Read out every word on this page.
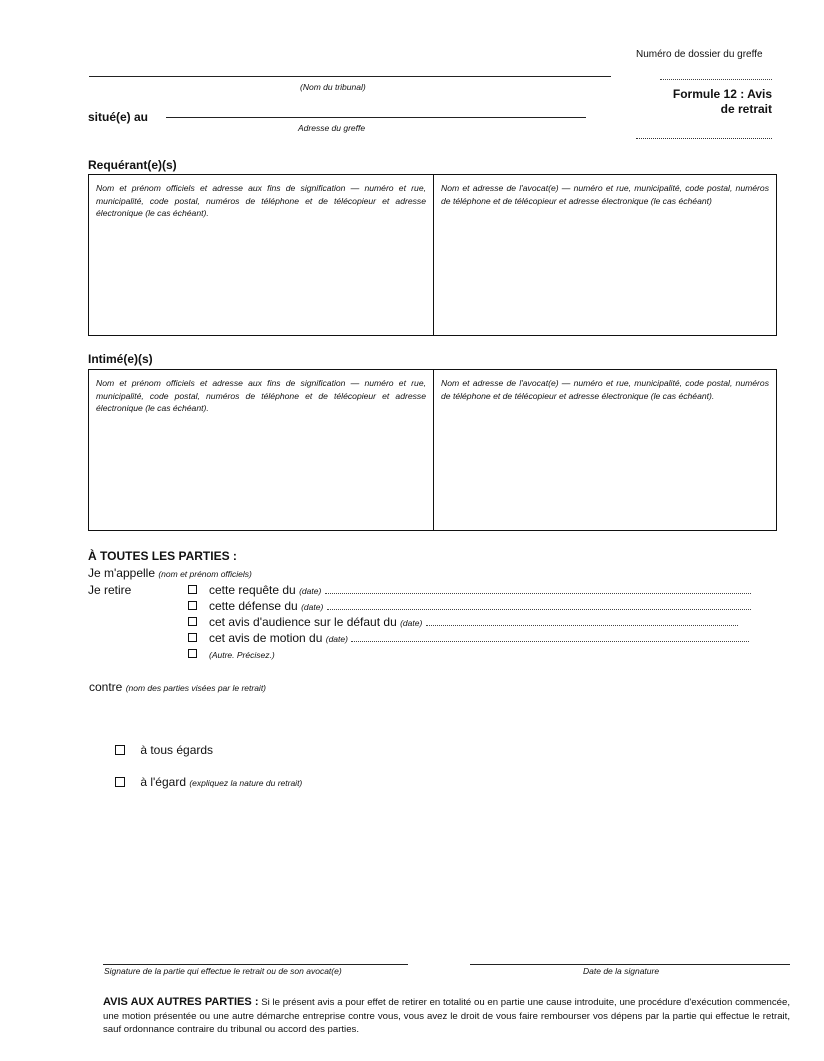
Numéro de dossier du greffe
(Nom du tribunal)	Formule 12 : Avis
de retrait
situé(e) au
Adresse du greffe
Requérant(e)(s)
Nom et prénom officiels et adresse aux fins de signification — numéro et rue, municipalité, code postal, numéros de téléphone et de télécopieur et adresse électronique (le cas échéant).
Nom et adresse de l'avocat(e) — numéro et rue, municipalité, code postal, numéros de téléphone et de télécopieur et adresse électronique (le cas échéant)
Intimé(e)(s)
Nom et prénom officiels et adresse aux fins de signification — numéro et rue, municipalité, code postal, numéros de téléphone et de télécopieur et adresse électronique (le cas échéant).
Nom et adresse de l'avocat(e) — numéro et rue, municipalité, code postal, numéros de téléphone et de télécopieur et adresse électronique (le cas échéant).
À TOUTES LES PARTIES :
Je m'appelle (nom et prénom officiels)
Je retire	cette requête du (date)
cette défense du (date)
cet avis d'audience sur le défaut du (date)
cet avis de motion du (date)
(Autre. Précisez.)
contre (nom des parties visées par le retrait)
à tous égards
à l'égard (expliquez la nature du retrait)
Signature de la partie qui effectue le retrait ou de son avocat(e)	Date de la signature
AVIS AUX AUTRES PARTIES : Si le présent avis a pour effet de retirer en totalité ou en partie une cause introduite, une procédure d'exécution commencée, une motion présentée ou une autre démarche entreprise contre vous, vous avez le droit de vous faire rembourser vos dépens par la partie qui effectue le retrait, sauf ordonnance contraire du tribunal ou accord des parties.
